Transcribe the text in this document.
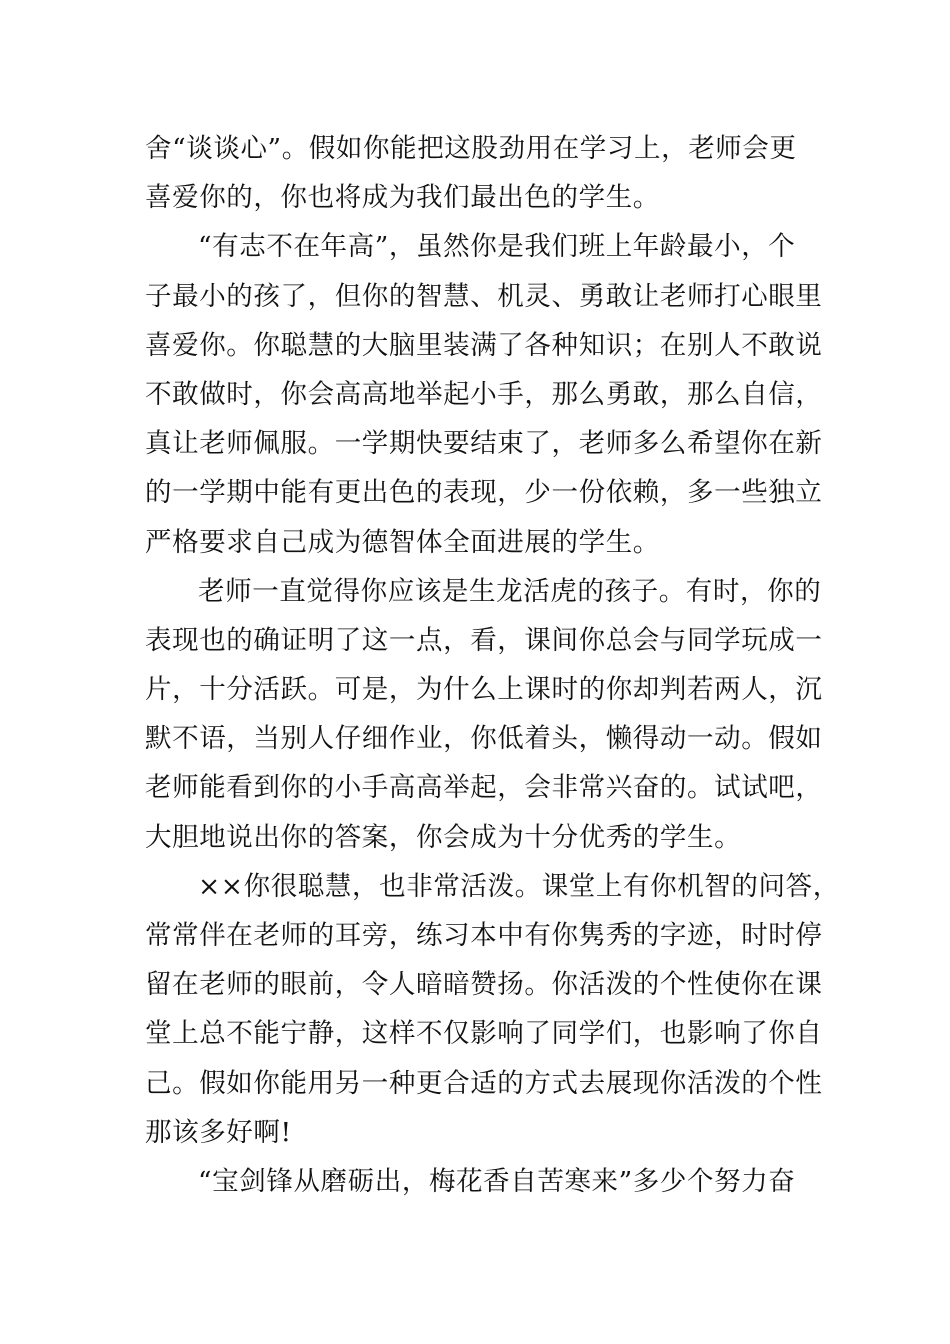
舍“谈谈心”。假如你能把这股劲用在学习上，老师会更
喜爱你的，你也将成为我们最出色的学生。
“有志不在年高”，虽然你是我们班上年龄最小，个
子最小的孩了，但你的智慧、机灵、勇敢让老师打心眼里
喜爱你。你聪慧的大脑里装满了各种知识；在别人不敢说
不敢做时，你会高高地举起小手，那么勇敢，那么自信，
真让老师佩服。一学期快要结束了，老师多么希望你在新
的一学期中能有更出色的表现，少一份依赖，多一些独立
严格要求自己成为德智体全面进展的学生。
老师一直觉得你应该是生龙活虎的孩子。有时，你的
表现也的确证明了这一点，看，课间你总会与同学玩成一
片，十分活跃。可是，为什么上课时的你却判若两人，沉
默不语，当别人仔细作业，你低着头，懒得动一动。假如
老师能看到你的小手高高举起，会非常兴奋的。试试吧，
大胆地说出你的答案，你会成为十分优秀的学生。
××你很聪慧，也非常活泼。课堂上有你机智的问答，
常常伴在老师的耳旁，练习本中有你隽秀的字迹，时时停
留在老师的眼前，令人暗暗赞扬。你活泼的个性使你在课
堂上总不能宁静，这样不仅影响了同学们，也影响了你自
己。假如你能用另一种更合适的方式去展现你活泼的个性
那该多好啊!
“宝剑锋从磨砺出，梅花香自苦寒来”多少个努力奋
